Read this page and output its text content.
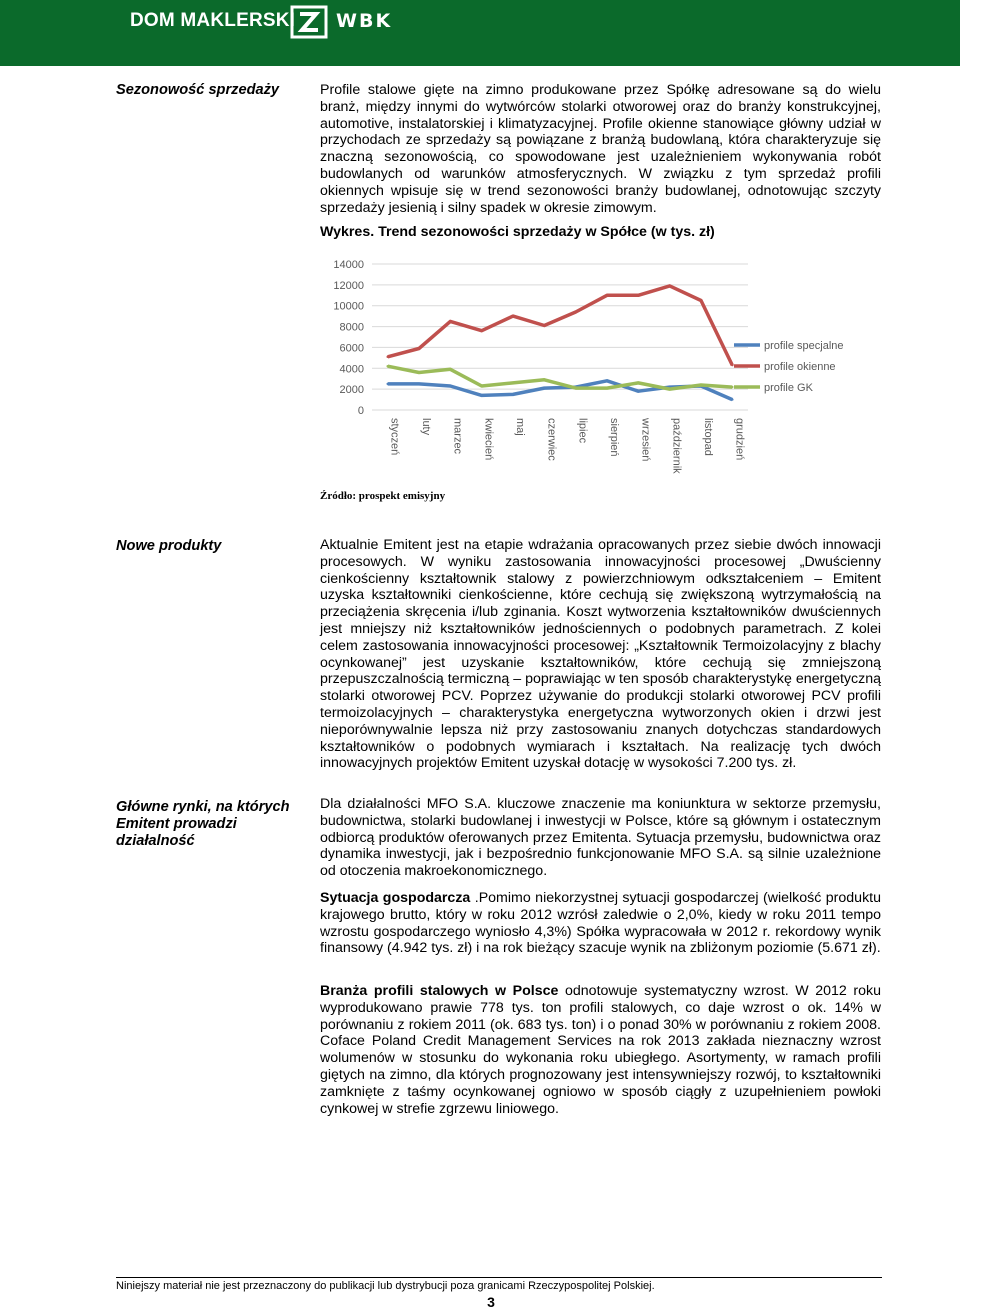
DOM MAKLERSKI WBK
Sezonowość sprzedaży	Profile stalowe gięte na zimno produkowane przez Spółkę adresowane są do wielu branż, między innymi do wytwórców stolarki otworowej oraz do branży konstrukcyjnej, automotive, instalatorskiej i klimatyzacyjnej. Profile okienne stanowiące główny udział w przychodach ze sprzedaży są powiązane z branżą budowlaną, która charakteryzuje się znaczną sezonowością, co spowodowane jest uzależnieniem wykonywania robót budowlanych od warunków atmosferycznych. W związku z tym sprzedaż profili okiennych wpisuje się w trend sezonowości branży budowlanej, odnotowując szczyty sprzedaży jesienią i silny spadek w okresie zimowym.
Wykres. Trend sezonowości sprzedaży w Spółce (w tys. zł)
14000
12000
10000
8000
6000
4000
2000
0
styczeń luty marzec kwiecień maj czerwiec lipiec sierpień wrzesień październik listopad grudzień
profile specjalne
profile okienne
profile GK
Źródło: prospekt emisyjny
Nowe produkty	Aktualnie Emitent jest na etapie wdrażania opracowanych przez siebie dwóch innowacji procesowych. W wyniku zastosowania innowacyjności procesowej „Dwuścienny cienkościenny kształtownik stalowy z powierzchniowym odkształceniem – Emitent uzyska kształtowniki cienkościenne, które cechują się zwiększoną wytrzymałością na przeciążenia skręcenia i/lub zginania. Koszt wytworzenia kształtowników dwuściennych jest mniejszy niż kształtowników jednościennych o podobnych parametrach. Z kolei celem zastosowania innowacyjności procesowej: „Kształtownik Termoizolacyjny z blachy ocynkowanej” jest uzyskanie kształtowników, które cechują się zmniejszoną przepuszczalnością termiczną – poprawiając w ten sposób charakterystykę energetyczną stolarki otworowej PCV. Poprzez używanie do produkcji stolarki otworowej PCV profili termoizolacyjnych – charakterystyka energetyczna wytworzonych okien i drzwi jest nieporównywalnie lepsza niż przy zastosowaniu znanych dotychczas standardowych kształtowników o podobnych wymiarach i kształtach. Na realizację tych dwóch innowacyjnych projektów Emitent uzyskał dotację w wysokości 7.200 tys. zł.
Główne rynki, na których Emitent prowadzi działalność
Dla działalności MFO S.A. kluczowe znaczenie ma koniunktura w sektorze przemysłu, budownictwa, stolarki budowlanej i inwestycji w Polsce, które są głównym i ostatecznym odbiorcą produktów oferowanych przez Emitenta. Sytuacja przemysłu, budownictwa oraz dynamika inwestycji, jak i bezpośrednio funkcjonowanie MFO S.A. są silnie uzależnione od otoczenia makroekonomicznego.
Sytuacja gospodarcza .Pomimo niekorzystnej sytuacji gospodarczej (wielkość produktu krajowego brutto, który w roku 2012 wzrósł zaledwie o 2,0%, kiedy w roku 2011 tempo wzrostu gospodarczego wyniosło 4,3%) Spółka wypracowała w 2012 r. rekordowy wynik finansowy (4.942 tys. zł) i na rok bieżący szacuje wynik na zbliżonym poziomie (5.671 zł).
Branża profili stalowych w Polsce odnotowuje systematyczny wzrost. W 2012 roku wyprodukowano prawie 778 tys. ton profili stalowych, co daje wzrost o ok. 14% w porównaniu z rokiem 2011 (ok. 683 tys. ton) i o ponad 30% w porównaniu z rokiem 2008. Coface Poland Credit Management Services na rok 2013 zakłada nieznaczny wzrost wolumenów w stosunku do wykonania roku ubiegłego. Asortymenty, w ramach profili giętych na zimno, dla których prognozowany jest intensywniejszy rozwój, to kształtowniki zamknięte z taśmy ocynkowanej ogniowo w sposób ciągły z uzupełnieniem powłoki cynkowej w strefie zgrzewu liniowego.
Niniejszy materiał nie jest przeznaczony do publikacji lub dystrybucji poza granicami Rzeczypospolitej Polskiej.
3
